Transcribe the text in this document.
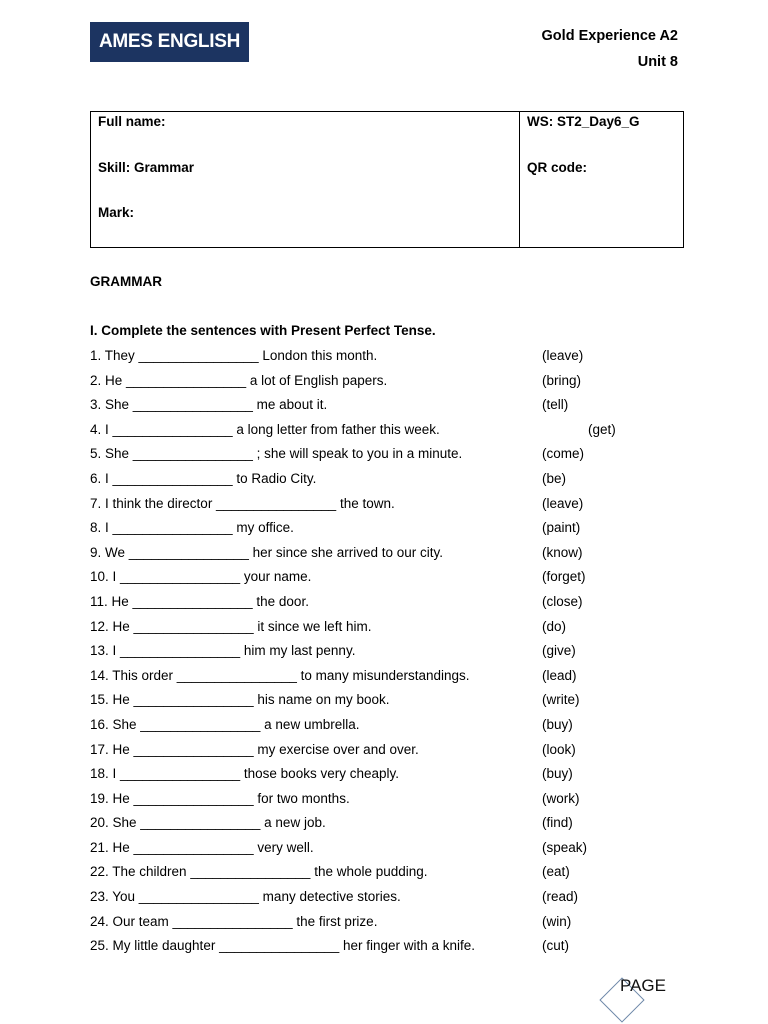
AMES ENGLISH	Gold Experience A2
Unit 8
Full name:
Skill: Grammar
Mark:
WS: ST2_Day6_G
QR code:
GRAMMAR
I. Complete the sentences with Present Perfect Tense.
1. They ________________ London this month.	(leave)
2. He ________________ a lot of English papers.	(bring)
3. She ________________ me about it.	(tell)
4. I ________________ a long letter from father this week.	(get)
5. She ________________ ; she will speak to you in a minute.	(come)
6. I ________________ to Radio City.	(be)
7. I think the director ________________ the town.	(leave)
8. I ________________ my office.	(paint)
9. We ________________ her since she arrived to our city.	(know)
10. I ________________ your name.	(forget)
11. He ________________ the door.	(close)
12. He ________________ it since we left him.	(do)
13. I ________________ him my last penny.	(give)
14. This order ________________ to many misunderstandings.	(lead)
15. He ________________ his name on my book.	(write)
16. She ________________ a new umbrella.	(buy)
17. He ________________ my exercise over and over.	(look)
18. I ________________ those books very cheaply.	(buy)
19. He ________________ for two months.	(work)
20. She ________________ a new job.	(find)
21. He ________________ very well.	(speak)
22. The children ________________ the whole pudding.	(eat)
23. You ________________ many detective stories.	(read)
24. Our team ________________ the first prize.	(win)
25. My little daughter ________________ her finger with a knife.	(cut)
PAGE
